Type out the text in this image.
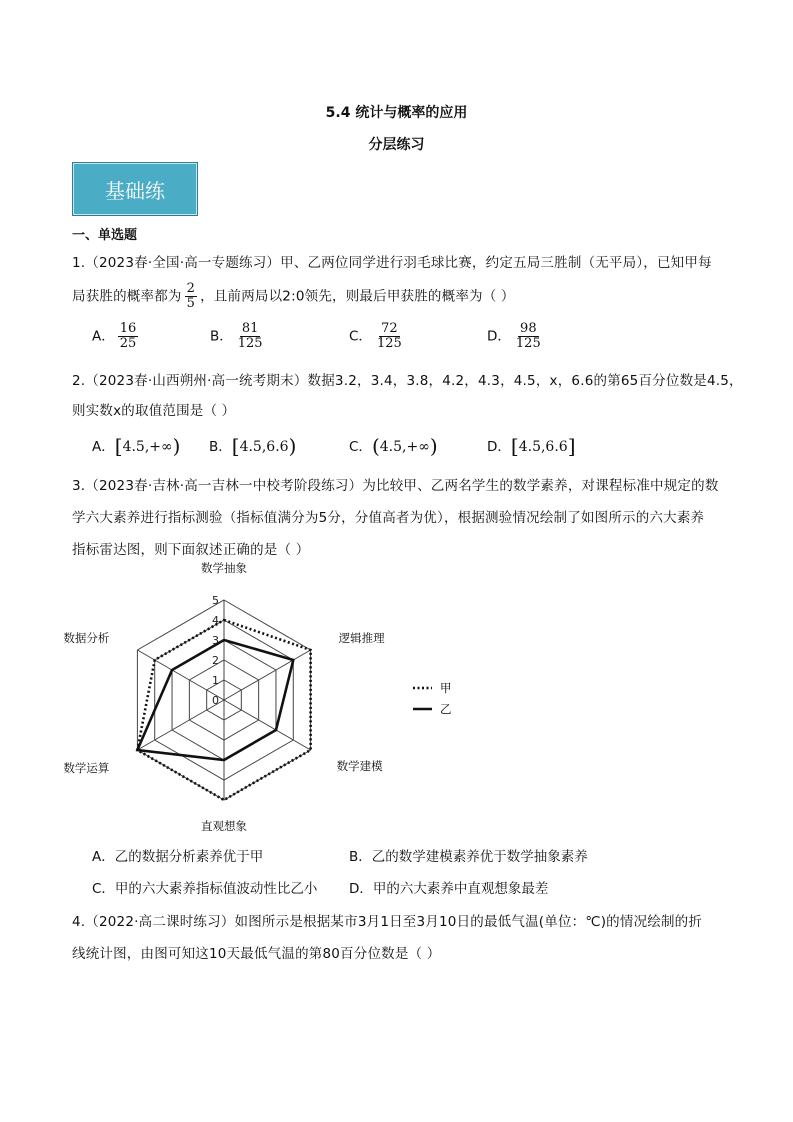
5.4 统计与概率的应用
分层练习
基础练
一、单选题
1.（2023春·全国·高一专题练习）甲、乙两位同学进行羽毛球比赛，约定五局三胜制（无平局），已知甲每
局获胜的概率都为 $\frac{2}{5}$ ，且前两局以2:0领先，则最后甲获胜的概率为（ ）
A． $\frac{16}{25}$	B． $\frac{81}{125}$	C． $\frac{72}{125}$	D． $\frac{98}{125}$
2.（2023春·山西朔州·高一统考期末）数据3.2，3.4，3.8，4.2，4.3，4.5，x，6.6的第65百分位数是4.5，
则实数x的取值范围是（ ）
A．[4.5,+∞) B．[4.5,6.6)	C．(4.5,+∞)	D．[4.5,6.6]
3.（2023春·吉林·高一吉林一中校考阶段练习）为比较甲、乙两名学生的数学素养，对课程标准中规定的数
学六大素养进行指标测验（指标值满分为5分，分值高者为优），根据测验情况绘制了如图所示的六大素养
指标雷达图，则下面叙述正确的是（ ）
0
1
2
3
4
5
数学抽象
逻辑推理
数学建模
直观想象
数学运算
数据分析
甲
乙
A．乙的数据分析素养优于甲	B．乙的数学建模素养优于数学抽象素养
C．甲的六大素养指标值波动性比乙小 D．甲的六大素养中直观想象最差
4.（2022·高二课时练习）如图所示是根据某市3月1日至3月10日的最低气温(单位：℃)的情况绘制的折
线统计图，由图可知这10天最低气温的第80百分位数是（ ）
